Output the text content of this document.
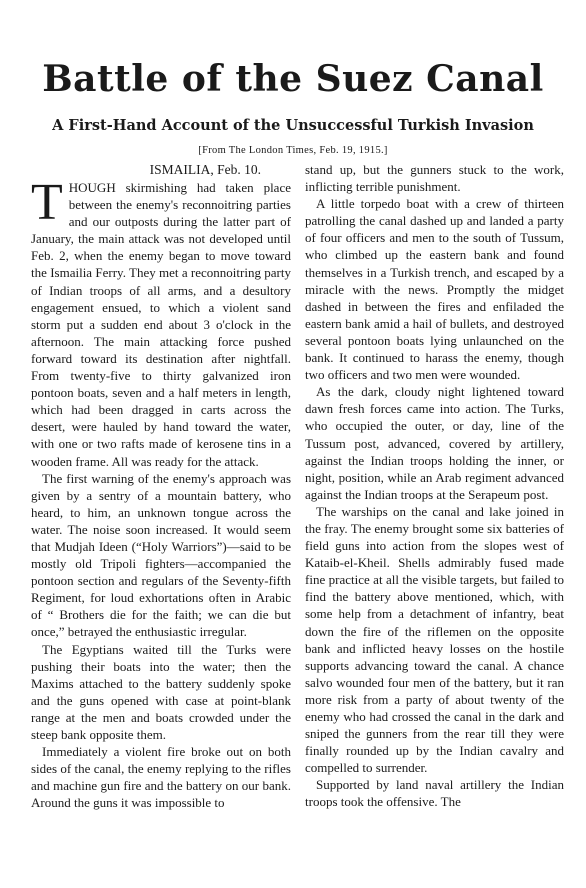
Battle of the Suez Canal
A First-Hand Account of the Unsuccessful Turkish Invasion
[From The London Times, Feb. 19, 1915.]
ISMAILIA, Feb. 10.

THOUGH skirmishing had taken place between the enemy's reconnoitring parties and our outposts during the latter part of January, the main attack was not developed until Feb. 2, when the enemy began to move toward the Ismailia Ferry. They met a reconnoitring party of Indian troops of all arms, and a desultory engagement ensued, to which a violent sand storm put a sudden end about 3 o'clock in the afternoon. The main attacking force pushed forward toward its destination after nightfall. From twenty-five to thirty galvanized iron pontoon boats, seven and a half meters in length, which had been dragged in carts across the desert, were hauled by hand toward the water, with one or two rafts made of kerosene tins in a wooden frame. All was ready for the attack.

The first warning of the enemy's approach was given by a sentry of a mountain battery, who heard, to him, an unknown tongue across the water. The noise soon increased. It would seem that Mudjah Ideen (“Holy Warriors”)—said to be mostly old Tripoli fighters—accompanied the pontoon section and regulars of the Seventy-fifth Regiment, for loud exhortations often in Arabic of “ Brothers die for the faith; we can die but once,” betrayed the enthusiastic irregular.

The Egyptians waited till the Turks were pushing their boats into the water; then the Maxims attached to the battery suddenly spoke and the guns opened with case at point-blank range at the men and boats crowded under the steep bank opposite them.

Immediately a violent fire broke out on both sides of the canal, the enemy replying to the rifles and machine gun fire and the battery on our bank. Around the guns it was impossible to

stand up, but the gunners stuck to the work, inflicting terrible punishment.

A little torpedo boat with a crew of thirteen patrolling the canal dashed up and landed a party of four officers and men to the south of Tussum, who climbed up the eastern bank and found themselves in a Turkish trench, and escaped by a miracle with the news. Promptly the midget dashed in between the fires and enfiladed the eastern bank amid a hail of bullets, and destroyed several pontoon boats lying unlaunched on the bank. It continued to harass the enemy, though two officers and two men were wounded.

As the dark, cloudy night lightened toward dawn fresh forces came into action. The Turks, who occupied the outer, or day, line of the Tussum post, advanced, covered by artillery, against the Indian troops holding the inner, or night, position, while an Arab regiment advanced against the Indian troops at the Serapeum post.

The warships on the canal and lake joined in the fray. The enemy brought some six batteries of field guns into action from the slopes west of Kataib-el-Kheil. Shells admirably fused made fine practice at all the visible targets, but failed to find the battery above mentioned, which, with some help from a detachment of infantry, beat down the fire of the riflemen on the opposite bank and inflicted heavy losses on the hostile supports advancing toward the canal. A chance salvo wounded four men of the battery, but it ran more risk from a party of about twenty of the enemy who had crossed the canal in the dark and sniped the gunners from the rear till they were finally rounded up by the Indian cavalry and compelled to surrender.

Supported by land naval artillery the Indian troops took the offensive. The
